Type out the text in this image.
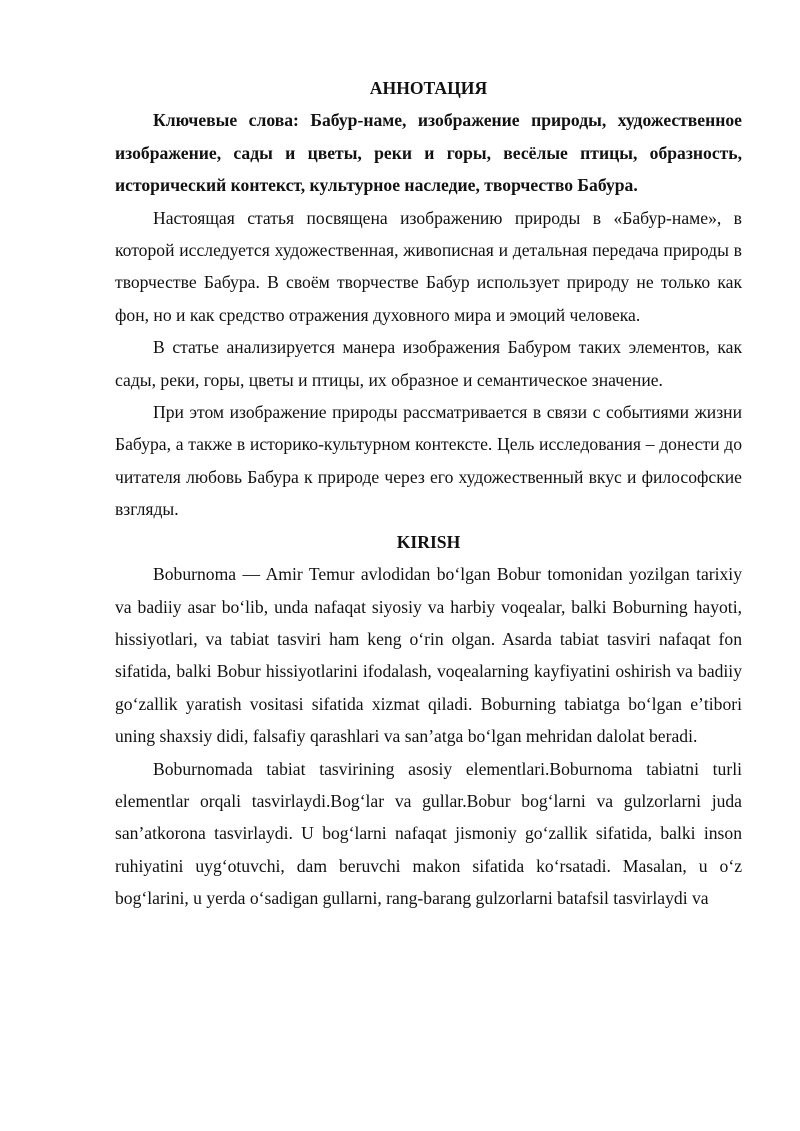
АННОТАЦИЯ

Ключевые слова: Бабур-наме, изображение природы, художественное изображение, сады и цветы, реки и горы, весёлые птицы, образность, исторический контекст, культурное наследие, творчество Бабура.

Настоящая статья посвящена изображению природы в «Бабур-наме», в которой исследуется художественная, живописная и детальная передача природы в творчестве Бабура. В своём творчестве Бабур использует природу не только как фон, но и как средство отражения духовного мира и эмоций человека.

В статье анализируется манера изображения Бабуром таких элементов, как сады, реки, горы, цветы и птицы, их образное и семантическое значение.

При этом изображение природы рассматривается в связи с событиями жизни Бабура, а также в историко-культурном контексте. Цель исследования – донести до читателя любовь Бабура к природе через его художественный вкус и философские взгляды.

KIRISH

Boburnoma — Amir Temur avlodidan boʻlgan Bobur tomonidan yozilgan tarixiy va badiiy asar boʻlib, unda nafaqat siyosiy va harbiy voqealar, balki Boburning hayoti, hissiyotlari, va tabiat tasviri ham keng oʻrin olgan. Asarda tabiat tasviri nafaqat fon sifatida, balki Bobur hissiyotlarini ifodalash, voqealarning kayfiyatini oshirish va badiiy goʻzallik yaratish vositasi sifatida xizmat qiladi. Boburning tabiatga boʻlgan eʼtibori uning shaxsiy didi, falsafiy qarashlari va sanʼatga boʻlgan mehridan dalolat beradi.

Boburnomada tabiat tasvirining asosiy elementlari.Boburnoma tabiatni turli elementlar orqali tasvirlaydi.Bogʻlar va gullar.Bobur bogʻlarni va gulzorlarni juda sanʼatkorona tasvirlaydi. U bogʻlarni nafaqat jismoniy goʻzallik sifatida, balki inson ruhiyatini uygʻotuvchi, dam beruvchi makon sifatida koʻrsatadi. Masalan, u oʻz bogʻlarini, u yerda oʻsadigan gullarni, rang-barang gulzorlarni batafsil tasvirlaydi va
